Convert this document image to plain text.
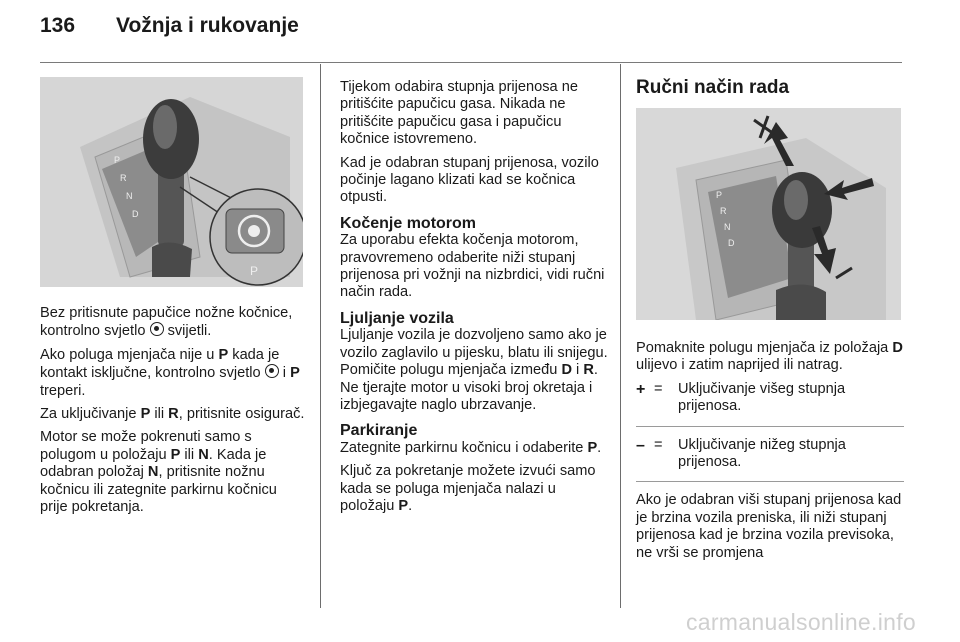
136 Vožnja i rukovanje
P
R
N
D
P

Bez pritisnute papučice nožne kočnice, kontrolno svjetlo  svijetli.

Ako poluga mjenjača nije u P kada je kontakt isključne, kontrolno svjetlo  i P treperi.

Za uključivanje P ili R, pritisnite osigurač.

Motor se može pokrenuti samo s polugom u položaju P ili N. Kada je odabran položaj N, pritisnite nožnu kočnicu ili zategnite parkirnu kočnicu prije pokretanja.

Tijekom odabira stupnja prijenosa ne pritišćite papučicu gasa. Nikada ne pritišćite papučicu gasa i papučicu kočnice istovremeno.

Kad je odabran stupanj prijenosa, vozilo počinje lagano klizati kad se kočnica otpusti.

Kočenje motorom

Za uporabu efekta kočenja motorom, pravovremeno odaberite niži stupanj prijenosa pri vožnji na nizbrdici, vidi ručni način rada.

Ljuljanje vozila

Ljuljanje vozila je dozvoljeno samo ako je vozilo zaglavilo u pijesku, blatu ili snijegu. Pomičite polugu mjenjača između D i R. Ne tjerajte motor u visoki broj okretaja i izbjegavajte naglo ubrzavanje.

Parkiranje

Zategnite parkirnu kočnicu i odaberite P.

Ključ za pokretanje možete izvući samo kada se poluga mjenjača nalazi u položaju P.

Ručni način rada
P
R
N
D

Pomaknite polugu mjenjača iz položaja D ulijevo i zatim naprijed ili natrag.

+ =	Uključivanje višeg stupnja prijenosa.
– =	Uključivanje nižeg stupnja prijenosa.

Ako je odabran viši stupanj prijenosa kad je brzina vozila preniska, ili niži stupanj prijenosa kad je brzina vozila previsoka, ne vrši se promjena

carmanualsonline.info
